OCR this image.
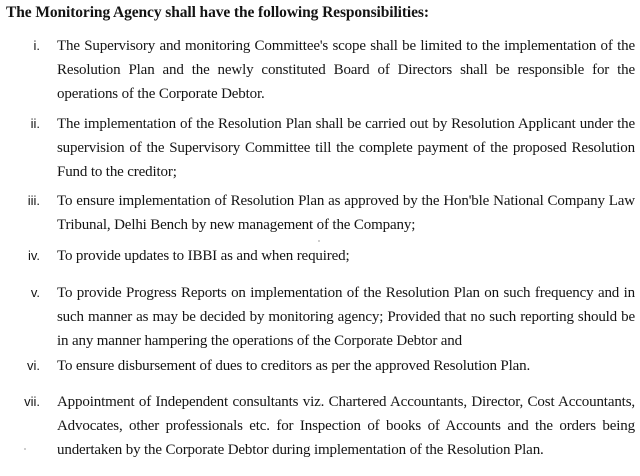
The Monitoring Agency shall have the following Responsibilities:
i. The Supervisory and monitoring Committee's scope shall be limited to the implementation of the Resolution Plan and the newly constituted Board of Directors shall be responsible for the operations of the Corporate Debtor.
ii. The implementation of the Resolution Plan shall be carried out by Resolution Applicant under the supervision of the Supervisory Committee till the complete payment of the proposed Resolution Fund to the creditor;
iii. To ensure implementation of Resolution Plan as approved by the Hon'ble National Company Law Tribunal, Delhi Bench by new management of the Company;
iv. To provide updates to IBBI as and when required;
v. To provide Progress Reports on implementation of the Resolution Plan on such frequency and in such manner as may be decided by monitoring agency; Provided that no such reporting should be in any manner hampering the operations of the Corporate Debtor and
vi. To ensure disbursement of dues to creditors as per the approved Resolution Plan.
vii. Appointment of Independent consultants viz. Chartered Accountants, Director, Cost Accountants, Advocates, other professionals etc. for Inspection of books of Accounts and the orders being undertaken by the Corporate Debtor during implementation of the Resolution Plan.
